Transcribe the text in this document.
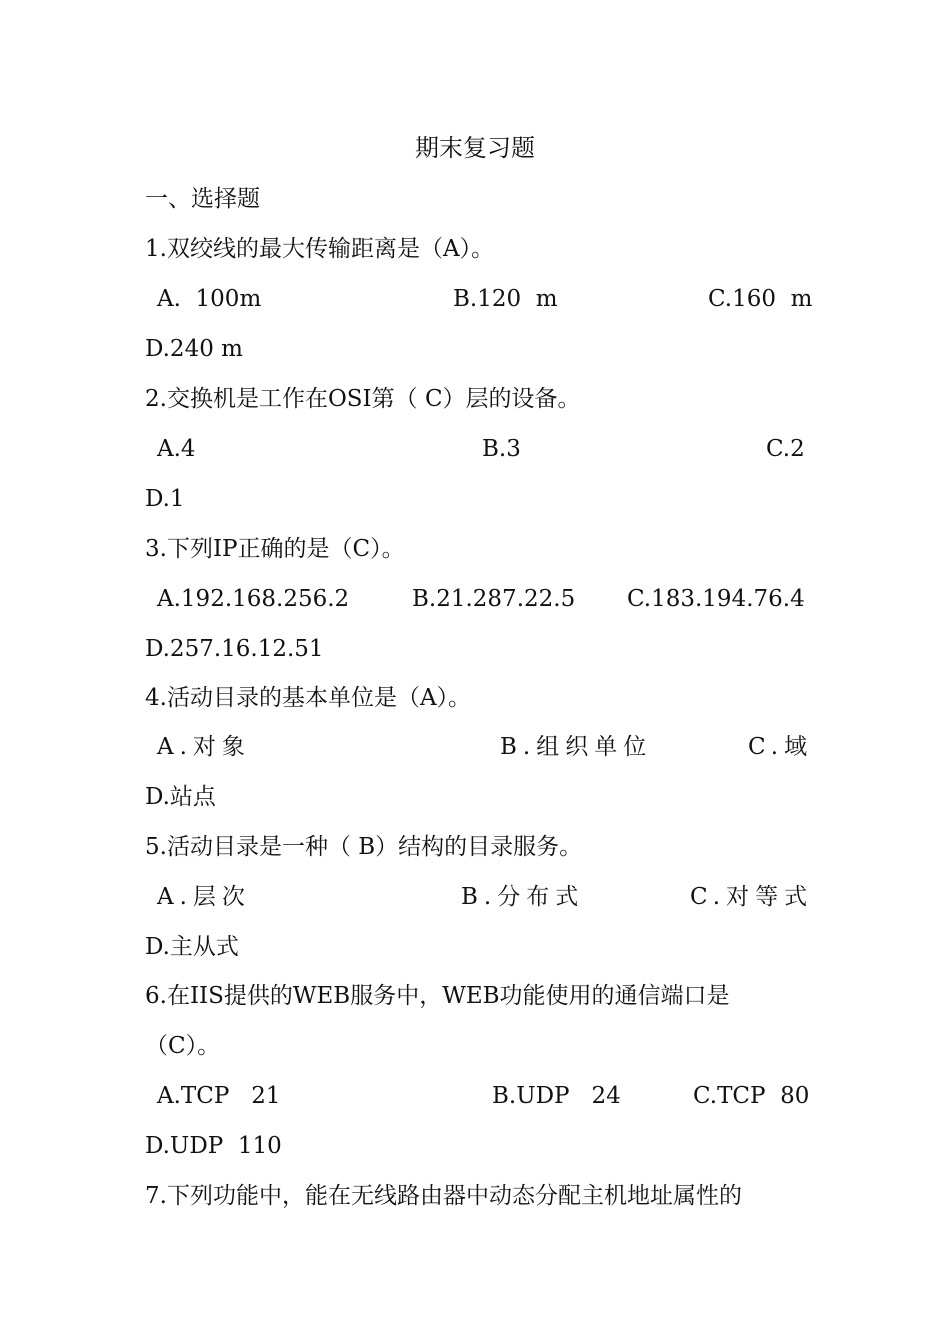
期末复习题
一、选择题
1.双绞线的最大传输距离是（A）。
A.  100m	B.120  m	C.160  m
D.240 m
2.交换机是工作在OSI第（ C）层的设备。
A.4	B.3	C.2
D.1
3.下列IP正确的是（C）。
A.192.168.256.2	B.21.287.22.5 C.183.194.76.4
D.257.16.12.51
4.活动目录的基本单位是（A）。
A.对象	B.组织单位	C.域
D.站点
5.活动目录是一种（ B）结构的目录服务。
A.层次	B.分布式	C.对等式
D.主从式
6.在IIS提供的WEB服务中，WEB功能使用的通信端口是
（C）。
A.TCP   21	B.UDP   24	C.TCP  80
D.UDP  110
7.下列功能中，能在无线路由器中动态分配主机地址属性的
